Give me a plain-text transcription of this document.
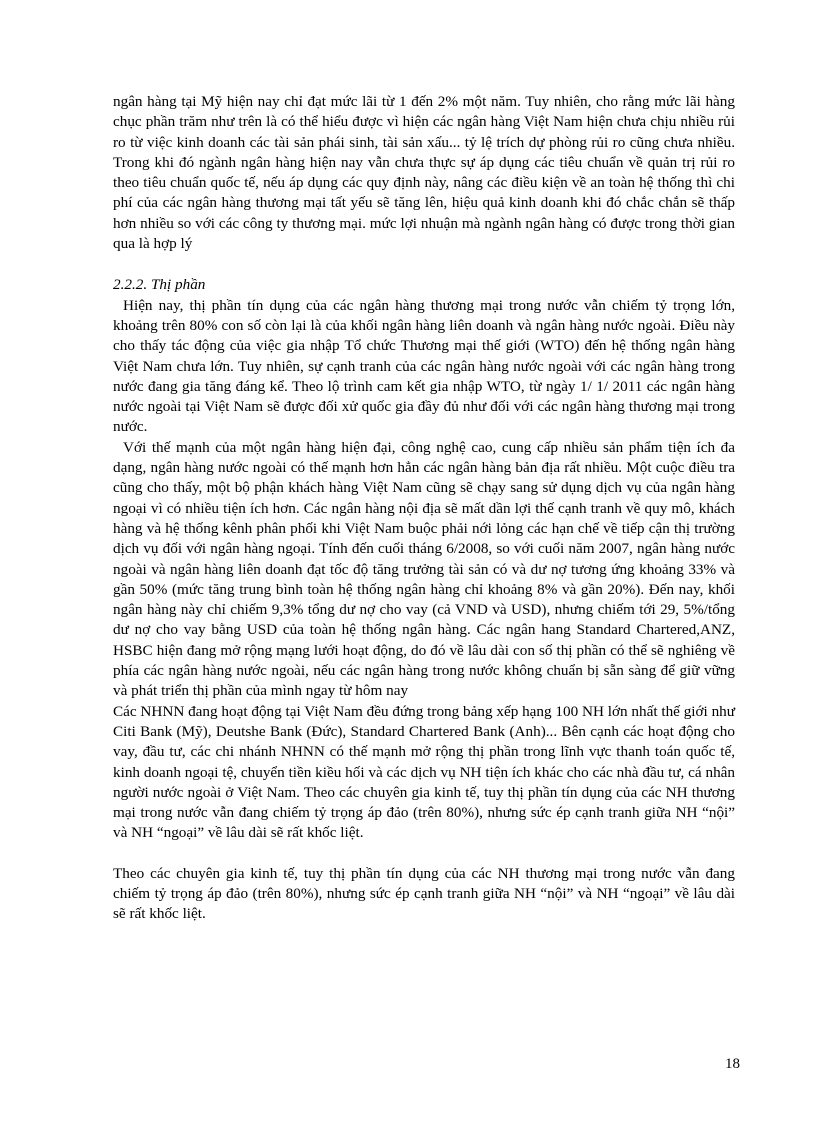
ngân hàng tại Mỹ hiện nay chỉ đạt mức lãi từ 1 đến 2% một năm. Tuy nhiên, cho rằng mức lãi hàng chục phần trăm như trên là có thể hiểu được vì hiện các ngân hàng Việt Nam hiện chưa chịu nhiều rủi ro từ việc kinh doanh các tài sản phái sinh, tài sản xấu... tỷ lệ trích dự phòng rủi ro cũng chưa nhiều. Trong khi đó ngành ngân hàng hiện nay vẫn chưa thực sự áp dụng các tiêu chuẩn về quản trị rủi ro theo tiêu chuẩn quốc tế, nếu áp dụng các quy định này, nâng các điều kiện về an toàn hệ thống thì chi phí của các ngân hàng thương mại tất yếu sẽ tăng lên, hiệu quả kinh doanh khi đó chắc chắn sẽ thấp hơn nhiều so với các công ty thương mại. mức lợi nhuận mà ngành ngân hàng có được trong thời gian qua là hợp lý

2.2.2. Thị phần

Hiện nay, thị phần tín dụng của các ngân hàng thương mại trong nước vẫn chiếm tỷ trọng lớn, khoảng trên 80% con số còn lại là của khối ngân hàng liên doanh và ngân hàng nước ngoài. Điều này cho thấy tác động của việc gia nhập Tổ chức Thương mại thế giới (WTO) đến hệ thống ngân hàng Việt Nam chưa lớn. Tuy nhiên, sự cạnh tranh của các ngân hàng nước ngoài với các ngân hàng trong nước đang gia tăng đáng kể. Theo lộ trình cam kết gia nhập WTO, từ ngày 1/ 1/ 2011 các ngân hàng nước ngoài tại Việt Nam sẽ được đối xử quốc gia đầy đủ như đối với các ngân hàng thương mại trong nước.

Với thế mạnh của một ngân hàng hiện đại, công nghệ cao, cung cấp nhiều sản phẩm tiện ích đa dạng, ngân hàng nước ngoài có thế mạnh hơn hẳn các ngân hàng bản địa rất nhiều. Một cuộc điều tra cũng cho thấy, một bộ phận khách hàng Việt Nam cũng sẽ chạy sang sử dụng dịch vụ của ngân hàng ngoại vì có nhiều tiện ích hơn. Các ngân hàng nội địa sẽ mất dần lợi thế cạnh tranh về quy mô, khách hàng và hệ thống kênh phân phối khi Việt Nam buộc phải nới lỏng các hạn chế về tiếp cận thị trường dịch vụ đối với ngân hàng ngoại. Tính đến cuối tháng 6/2008, so với cuối năm 2007, ngân hàng nước ngoài và ngân hàng liên doanh đạt tốc độ tăng trưởng tài sản có và dư nợ tương ứng khoảng 33% và gần 50% (mức tăng trung bình toàn hệ thống ngân hàng chỉ khoảng 8% và gần 20%). Đến nay, khối ngân hàng này chỉ chiếm 9,3% tổng dư nợ cho vay (cả VND và USD), nhưng chiếm tới 29, 5%/tổng dư nợ cho vay bằng USD của toàn hệ thống ngân hàng. Các ngân hang Standard Chartered,ANZ, HSBC hiện đang mở rộng mạng lưới hoạt động, do đó về lâu dài con số thị phần có thể sẽ nghiêng về phía các ngân hàng nước ngoài, nếu các ngân hàng trong nước không chuẩn bị sẵn sàng để giữ vững và phát triển thị phần của mình ngay từ hôm nay

Các NHNN đang hoạt động tại Việt Nam đều đứng trong bảng xếp hạng 100 NH lớn nhất thế giới như Citi Bank (Mỹ), Deutshe Bank (Đức), Standard Chartered Bank (Anh)... Bên cạnh các hoạt động cho vay, đầu tư, các chi nhánh NHNN có thế mạnh mở rộng thị phần trong lĩnh vực thanh toán quốc tế, kinh doanh ngoại tệ, chuyển tiền kiều hối và các dịch vụ NH tiện ích khác cho các nhà đầu tư, cá nhân người nước ngoài ở Việt Nam. Theo các chuyên gia kinh tế, tuy thị phần tín dụng của các NH thương mại trong nước vẫn đang chiếm tỷ trọng áp đảo (trên 80%), nhưng sức ép cạnh tranh giữa NH “nội” và NH “ngoại” về lâu dài sẽ rất khốc liệt.

Theo các chuyên gia kinh tế, tuy thị phần tín dụng của các NH thương mại trong nước vẫn đang chiếm tỷ trọng áp đảo (trên 80%), nhưng sức ép cạnh tranh giữa NH “nội” và NH “ngoại” về lâu dài sẽ rất khốc liệt.

18
